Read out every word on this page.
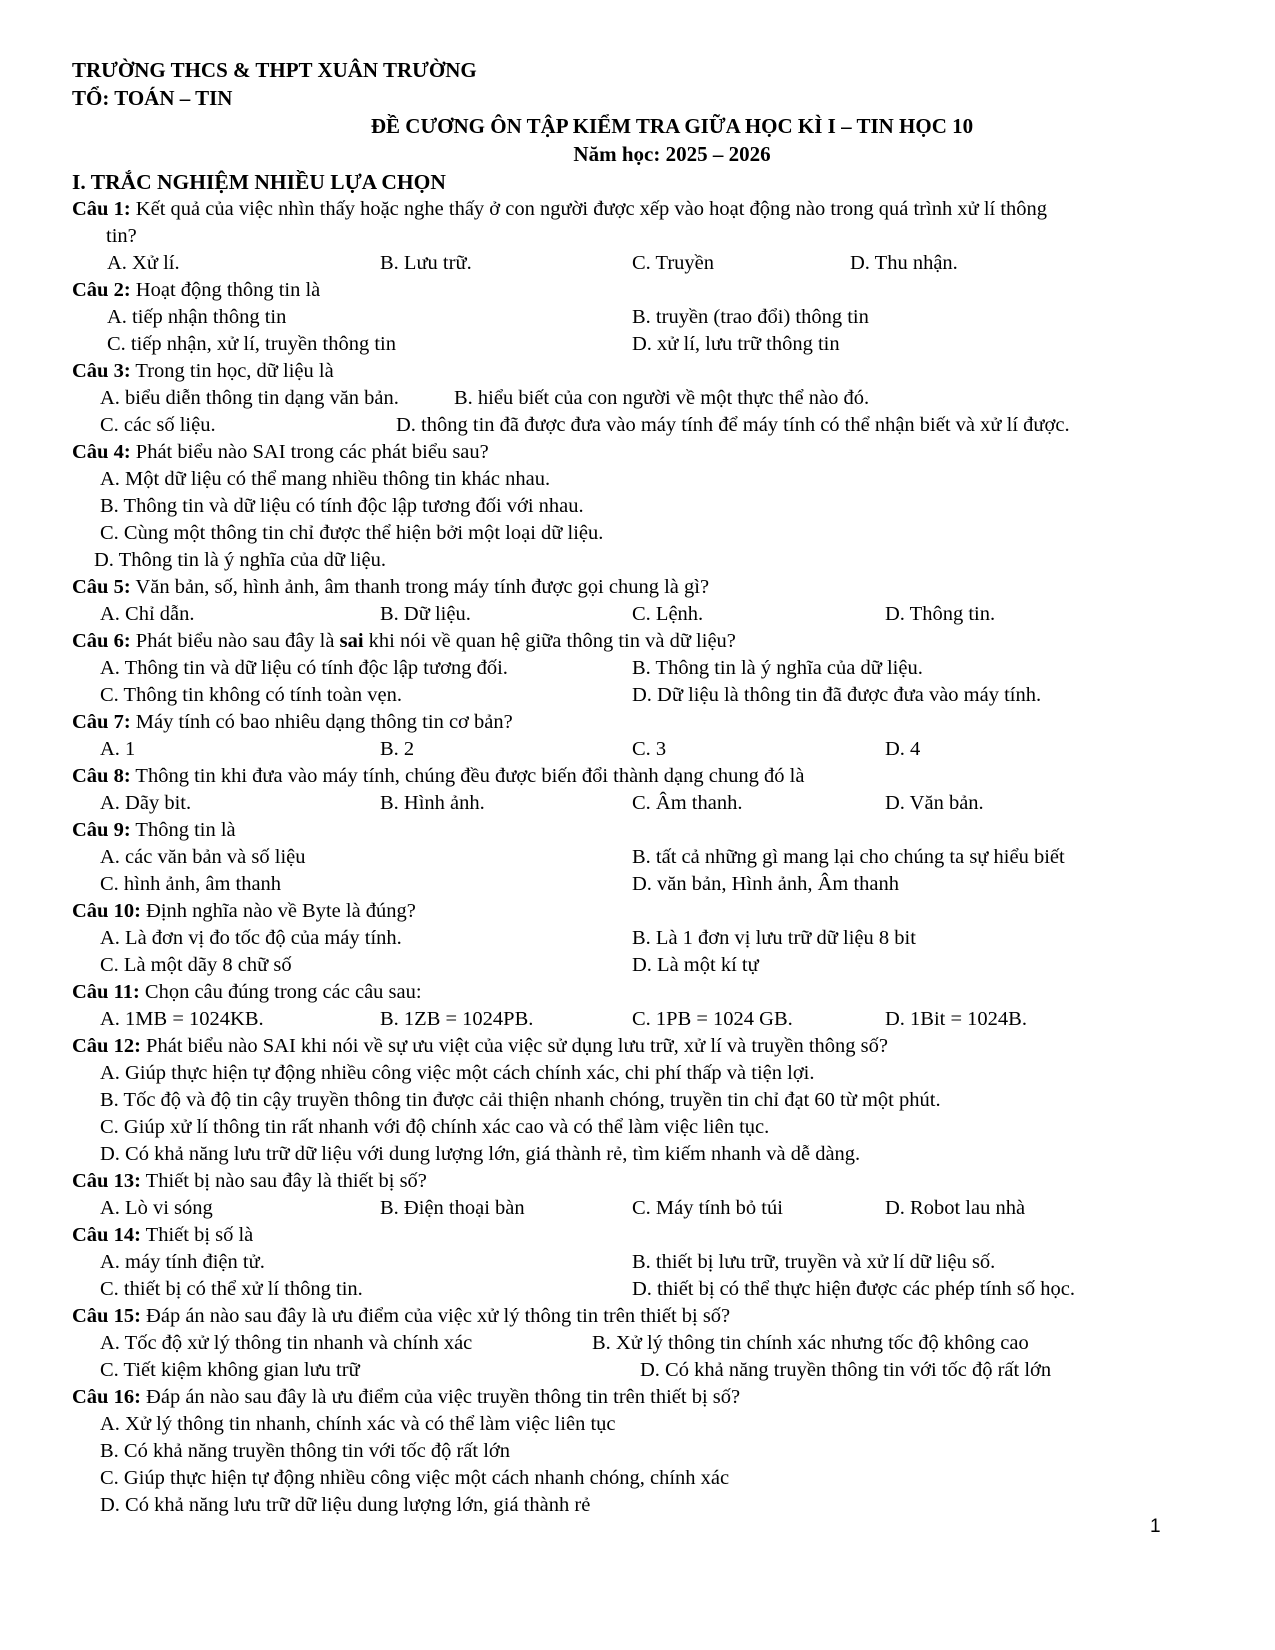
TRƯỜNG THCS & THPT XUÂN TRƯỜNG
TỔ: TOÁN – TIN
ĐỀ CƯƠNG ÔN TẬP KIỂM TRA GIỮA HỌC KÌ I – TIN HỌC 10
Năm học: 2025 – 2026
I. TRẮC NGHIỆM NHIỀU LỰA CHỌN
Câu 1: Kết quả của việc nhìn thấy hoặc nghe thấy ở con người được xếp vào hoạt động nào trong quá trình xử lí thông
tin?
A. Xử lí.	B. Lưu trữ.	C. Truyền	D. Thu nhận.
Câu 2: Hoạt động thông tin là
A. tiếp nhận thông tin	B. truyền (trao đổi) thông tin
C. tiếp nhận, xử lí, truyền thông tin	D. xử lí, lưu trữ thông tin
Câu 3: Trong tin học, dữ liệu là
A. biểu diễn thông tin dạng văn bản.	B. hiểu biết của con người về một thực thể nào đó.
C. các số liệu.	D. thông tin đã được đưa vào máy tính để máy tính có thể nhận biết và xử lí được.
Câu 4: Phát biểu nào SAI trong các phát biểu sau?
A. Một dữ liệu có thể mang nhiều thông tin khác nhau.
B. Thông tin và dữ liệu có tính độc lập tương đối với nhau.
C. Cùng một thông tin chỉ được thể hiện bởi một loại dữ liệu.
D. Thông tin là ý nghĩa của dữ liệu.
Câu 5: Văn bản, số, hình ảnh, âm thanh trong máy tính được gọi chung là gì?
A. Chỉ dẫn.	B. Dữ liệu.	C. Lệnh.	D. Thông tin.
Câu 6: Phát biểu nào sau đây là sai khi nói về quan hệ giữa thông tin và dữ liệu?
A. Thông tin và dữ liệu có tính độc lập tương đối.	B. Thông tin là ý nghĩa của dữ liệu.
C. Thông tin không có tính toàn vẹn.	D. Dữ liệu là thông tin đã được đưa vào máy tính.
Câu 7: Máy tính có bao nhiêu dạng thông tin cơ bản?
A. 1	B. 2	C. 3	D. 4
Câu 8: Thông tin khi đưa vào máy tính, chúng đều được biến đổi thành dạng chung đó là
A. Dãy bit.	B. Hình ảnh.	C. Âm thanh.	D. Văn bản.
Câu 9: Thông tin là
A. các văn bản và số liệu	B. tất cả những gì mang lại cho chúng ta sự hiểu biết
C. hình ảnh, âm thanh	D. văn bản, Hình ảnh, Âm thanh
Câu 10: Định nghĩa nào về Byte là đúng?
A. Là đơn vị đo tốc độ của máy tính.	B. Là 1 đơn vị lưu trữ dữ liệu 8 bit
C. Là một dãy 8 chữ số	D. Là một kí tự
Câu 11: Chọn câu đúng trong các câu sau:
A. 1MB = 1024KB.	B. 1ZB = 1024PB.	C. 1PB = 1024 GB.	D. 1Bit = 1024B.
Câu 12: Phát biểu nào SAI khi nói về sự ưu việt của việc sử dụng lưu trữ, xử lí và truyền thông số?
A. Giúp thực hiện tự động nhiều công việc một cách chính xác, chi phí thấp và tiện lợi.
B. Tốc độ và độ tin cậy truyền thông tin được cải thiện nhanh chóng, truyền tin chỉ đạt 60 từ một phút.
C. Giúp xử lí thông tin rất nhanh với độ chính xác cao và có thể làm việc liên tục.
D. Có khả năng lưu trữ dữ liệu với dung lượng lớn, giá thành rẻ, tìm kiếm nhanh và dễ dàng.
Câu 13: Thiết bị nào sau đây là thiết bị số?
A. Lò vi sóng	B. Điện thoại bàn	C. Máy tính bỏ túi	D. Robot lau nhà
Câu 14: Thiết bị số là
A. máy tính điện tử.	B. thiết bị lưu trữ, truyền và xử lí dữ liệu số.
C. thiết bị có thể xử lí thông tin.	D. thiết bị có thể thực hiện được các phép tính số học.
Câu 15: Đáp án nào sau đây là ưu điểm của việc xử lý thông tin trên thiết bị số?
A. Tốc độ xử lý thông tin nhanh và chính xác	B. Xử lý thông tin chính xác nhưng tốc độ không cao
C. Tiết kiệm không gian lưu trữ	D. Có khả năng truyền thông tin với tốc độ rất lớn
Câu 16: Đáp án nào sau đây là ưu điểm của việc truyền thông tin trên thiết bị số?
A. Xử lý thông tin nhanh, chính xác và có thể làm việc liên tục
B. Có khả năng truyền thông tin với tốc độ rất lớn
C. Giúp thực hiện tự động nhiều công việc một cách nhanh chóng, chính xác
D. Có khả năng lưu trữ dữ liệu dung lượng lớn, giá thành rẻ
1
